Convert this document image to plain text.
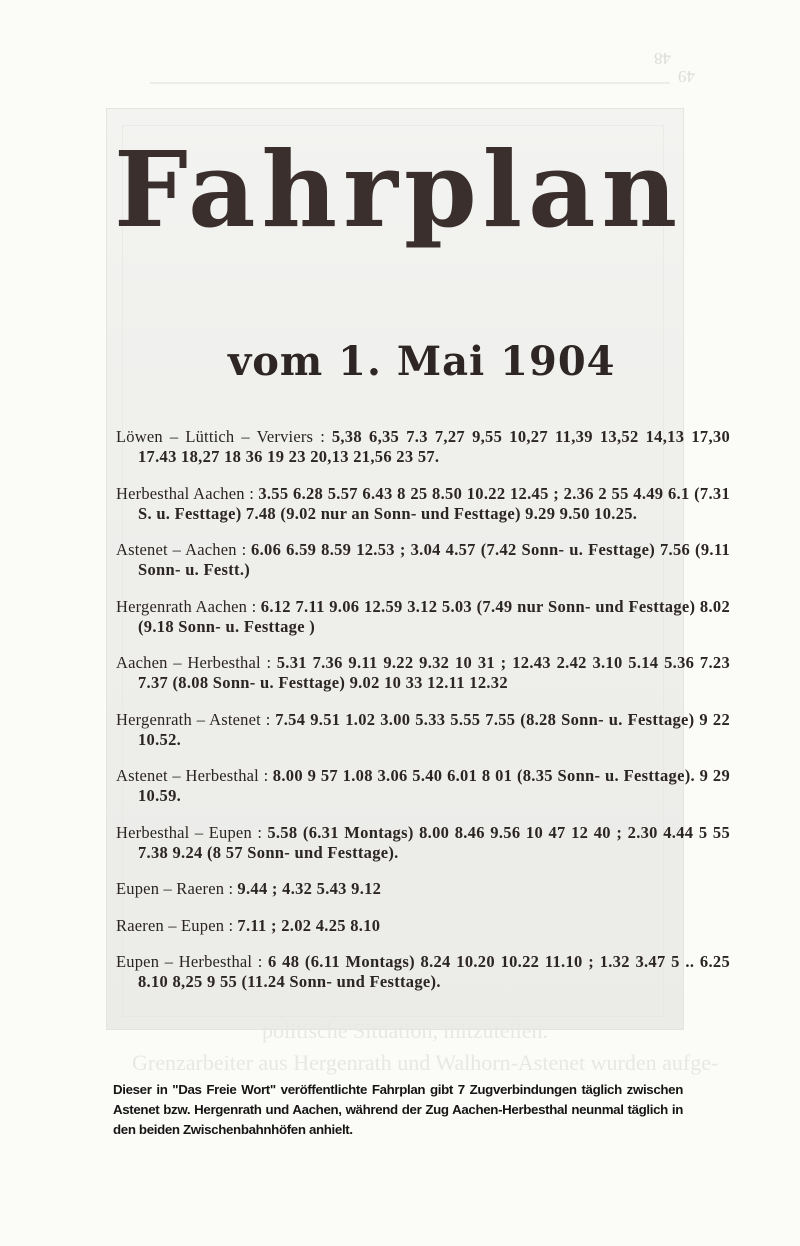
48
49
politische Situation, mitzuteilen.
Grenzarbeiter aus Hergenrath und Walhorn-Astenet wurden aufge-
Fahrplan
vom 1. Mai 1904

Löwen – Lüttich – Verviers : 5,38 6,35 7.3 7,27 9,55 10,27 11,39 13,52 14,13 17,30 17.43 18,27 18 36 19 23 20,13 21,56 23 57.

Herbesthal Aachen : 3.55 6.28 5.57 6.43 8 25 8.50 10.22 12.45 ; 2.36 2 55 4.49 6.1 (7.31 S. u. Festtage) 7.48 (9.02 nur an Sonn- und Festtage) 9.29 9.50 10.25.

Astenet – Aachen : 6.06 6.59 8.59 12.53 ; 3.04 4.57 (7.42 Sonn- u. Festtage) 7.56 (9.11 Sonn- u. Festt.)

Hergenrath Aachen : 6.12 7.11 9.06 12.59 3.12 5.03 (7.49 nur Sonn- und Festtage) 8.02 (9.18 Sonn- u. Festtage )

Aachen – Herbesthal : 5.31 7.36 9.11 9.22 9.32 10 31 ; 12.43 2.42 3.10 5.14 5.36 7.23 7.37 (8.08 Sonn- u. Festtage) 9.02 10 33 12.11 12.32

Hergenrath – Astenet : 7.54 9.51 1.02 3.00 5.33 5.55 7.55 (8.28 Sonn- u. Festtage) 9 22 10.52.

Astenet – Herbesthal : 8.00 9 57 1.08 3.06 5.40 6.01 8 01 (8.35 Sonn- u. Festtage). 9 29 10.59.

Herbesthal – Eupen : 5.58 (6.31 Montags) 8.00 8.46 9.56 10 47 12 40 ; 2.30 4.44 5 55 7.38 9.24 (8 57 Sonn- und Festtage).

Eupen – Raeren : 9.44 ; 4.32 5.43 9.12

Raeren – Eupen : 7.11 ; 2.02 4.25 8.10

Eupen – Herbesthal : 6 48 (6.11 Montags) 8.24 10.20 10.22 11.10 ; 1.32 3.47 5 .. 6.25 8.10 8,25 9 55 (11.24 Sonn- und Festtage).

Dieser in "Das Freie Wort" veröffentlichte Fahrplan gibt 7 Zugverbindungen täglich zwischen Astenet bzw. Hergenrath und Aachen, während der Zug Aachen-Herbesthal neunmal täglich in den beiden Zwischenbahnhöfen anhielt.
